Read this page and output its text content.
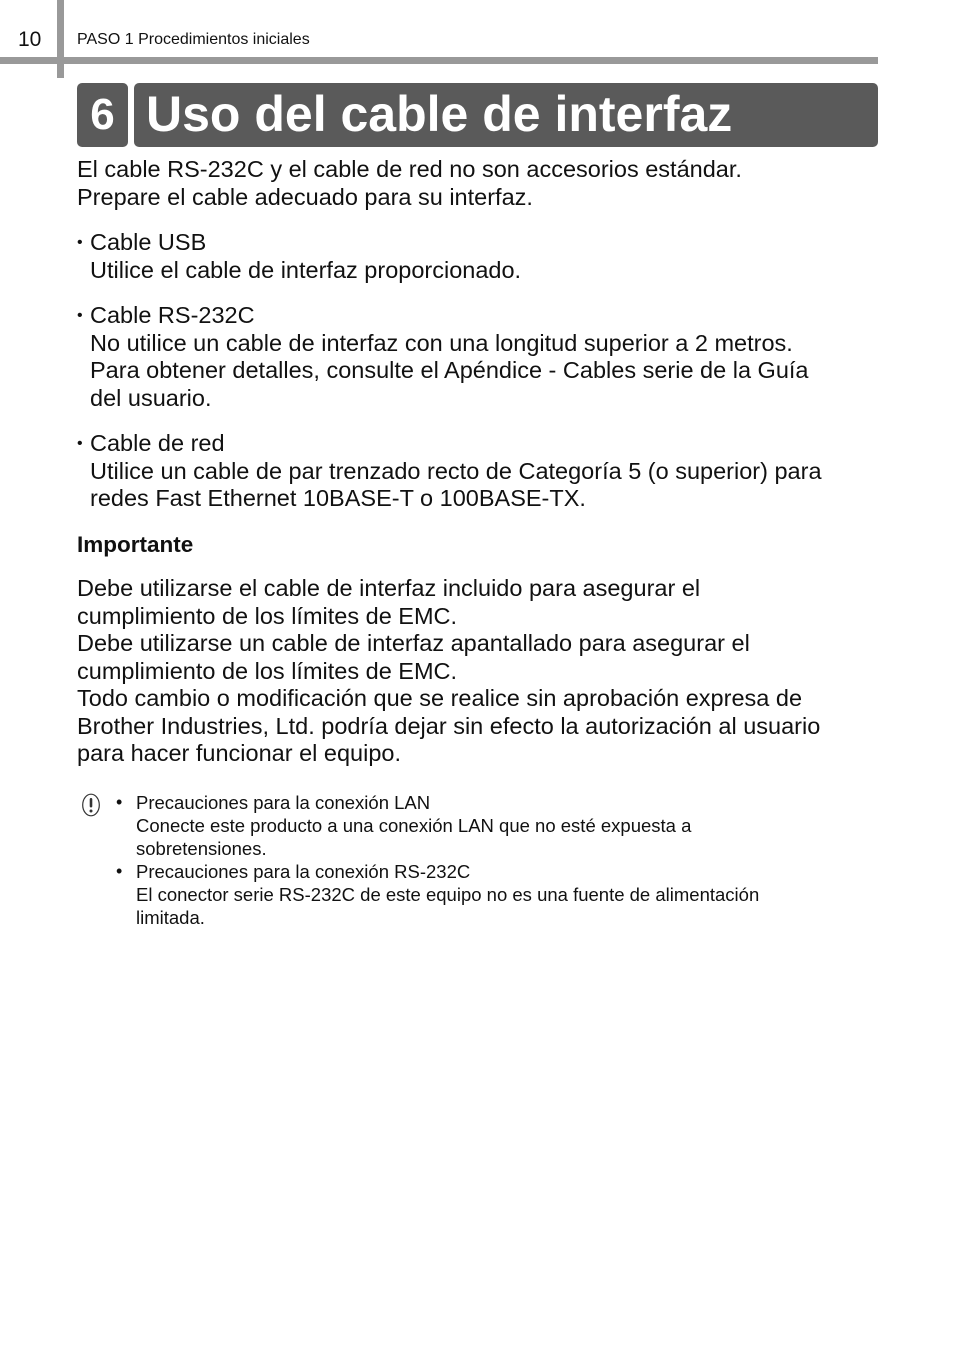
10 PASO 1 Procedimientos iniciales
6 Uso del cable de interfaz

El cable RS-232C y el cable de red no son accesorios estándar.

Prepare el cable adecuado para su interfaz.

• Cable USB

Utilice el cable de interfaz proporcionado.

• Cable RS-232C

No utilice un cable de interfaz con una longitud superior a 2 metros.

Para obtener detalles, consulte el Apéndice - Cables serie de la Guía

del usuario.

• Cable de red

Utilice un cable de par trenzado recto de Categoría 5 (o superior) para

redes Fast Ethernet 10BASE-T o 100BASE-TX.

Importante

Debe utilizarse el cable de interfaz incluido para asegurar el

cumplimiento de los límites de EMC.

Debe utilizarse un cable de interfaz apantallado para asegurar el

cumplimiento de los límites de EMC.

Todo cambio o modificación que se realice sin aprobación expresa de

Brother Industries, Ltd. podría dejar sin efecto la autorización al usuario

para hacer funcionar el equipo.

• Precauciones para la conexión LAN

Conecte este producto a una conexión LAN que no esté expuesta a

sobretensiones.

• Precauciones para la conexión RS-232C

El conector serie RS-232C de este equipo no es una fuente de alimentación

limitada.
